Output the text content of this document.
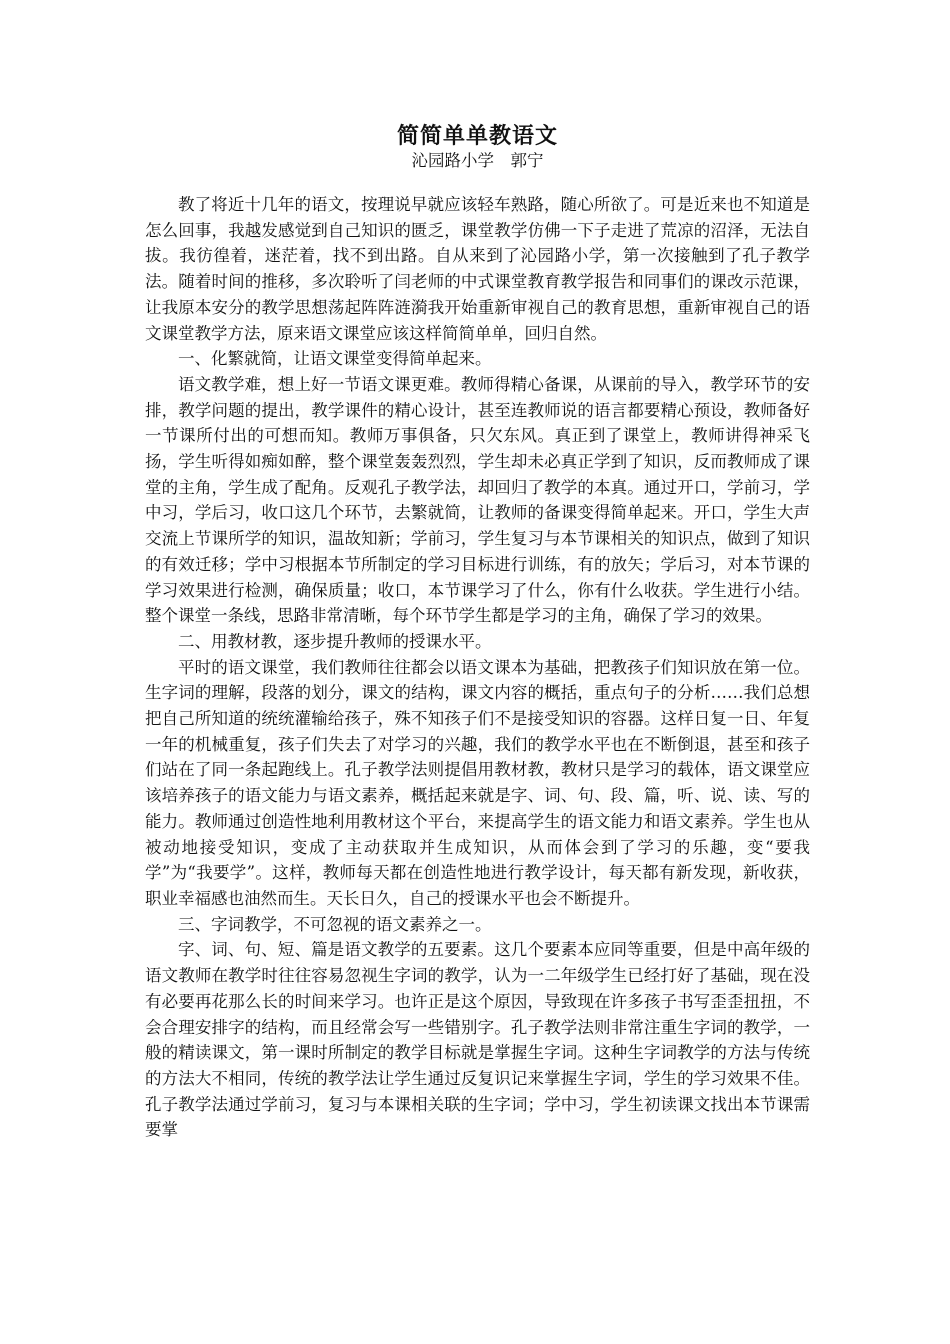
简简单单教语文
沁园路小学　郭宁

教了将近十几年的语文，按理说早就应该轻车熟路，随心所欲了。可是近来也不知道是怎么回事，我越发感觉到自己知识的匮乏，课堂教学仿佛一下子走进了荒凉的沼泽，无法自拔。我彷徨着，迷茫着，找不到出路。自从来到了沁园路小学，第一次接触到了孔子教学法。随着时间的推移，多次聆听了闫老师的中式课堂教育教学报告和同事们的课改示范课，让我原本安分的教学思想荡起阵阵涟漪我开始重新审视自己的教育思想，重新审视自己的语文课堂教学方法，原来语文课堂应该这样简简单单，回归自然。

一、化繁就简，让语文课堂变得简单起来。

语文教学难，想上好一节语文课更难。教师得精心备课，从课前的导入，教学环节的安排，教学问题的提出，教学课件的精心设计，甚至连教师说的语言都要精心预设，教师备好一节课所付出的可想而知。教师万事俱备，只欠东风。真正到了课堂上，教师讲得神采飞扬，学生听得如痴如醉，整个课堂轰轰烈烈，学生却未必真正学到了知识，反而教师成了课堂的主角，学生成了配角。反观孔子教学法，却回归了教学的本真。通过开口，学前习，学中习，学后习，收口这几个环节，去繁就简，让教师的备课变得简单起来。开口，学生大声交流上节课所学的知识，温故知新；学前习，学生复习与本节课相关的知识点，做到了知识的有效迁移；学中习根据本节所制定的学习目标进行训练，有的放矢；学后习，对本节课的学习效果进行检测，确保质量；收口，本节课学习了什么，你有什么收获。学生进行小结。整个课堂一条线，思路非常清晰，每个环节学生都是学习的主角，确保了学习的效果。

二、用教材教，逐步提升教师的授课水平。

平时的语文课堂，我们教师往往都会以语文课本为基础，把教孩子们知识放在第一位。生字词的理解，段落的划分，课文的结构，课文内容的概括，重点句子的分析……我们总想把自己所知道的统统灌输给孩子，殊不知孩子们不是接受知识的容器。这样日复一日、年复一年的机械重复，孩子们失去了对学习的兴趣，我们的教学水平也在不断倒退，甚至和孩子们站在了同一条起跑线上。孔子教学法则提倡用教材教，教材只是学习的载体，语文课堂应该培养孩子的语文能力与语文素养，概括起来就是字、词、句、段、篇，听、说、读、写的能力。教师通过创造性地利用教材这个平台，来提高学生的语文能力和语文素养。学生也从被动地接受知识，变成了主动获取并生成知识，从而体会到了学习的乐趣，变“要我学”为“我要学”。这样，教师每天都在创造性地进行教学设计，每天都有新发现，新收获，职业幸福感也油然而生。天长日久，自己的授课水平也会不断提升。

三、字词教学，不可忽视的语文素养之一。

字、词、句、短、篇是语文教学的五要素。这几个要素本应同等重要，但是中高年级的语文教师在教学时往往容易忽视生字词的教学，认为一二年级学生已经打好了基础，现在没有必要再花那么长的时间来学习。也许正是这个原因，导致现在许多孩子书写歪歪扭扭，不会合理安排字的结构，而且经常会写一些错别字。孔子教学法则非常注重生字词的教学，一般的精读课文，第一课时所制定的教学目标就是掌握生字词。这种生字词教学的方法与传统的方法大不相同，传统的教学法让学生通过反复识记来掌握生字词，学生的学习效果不佳。孔子教学法通过学前习，复习与本课相关联的生字词；学中习，学生初读课文找出本节课需要掌
